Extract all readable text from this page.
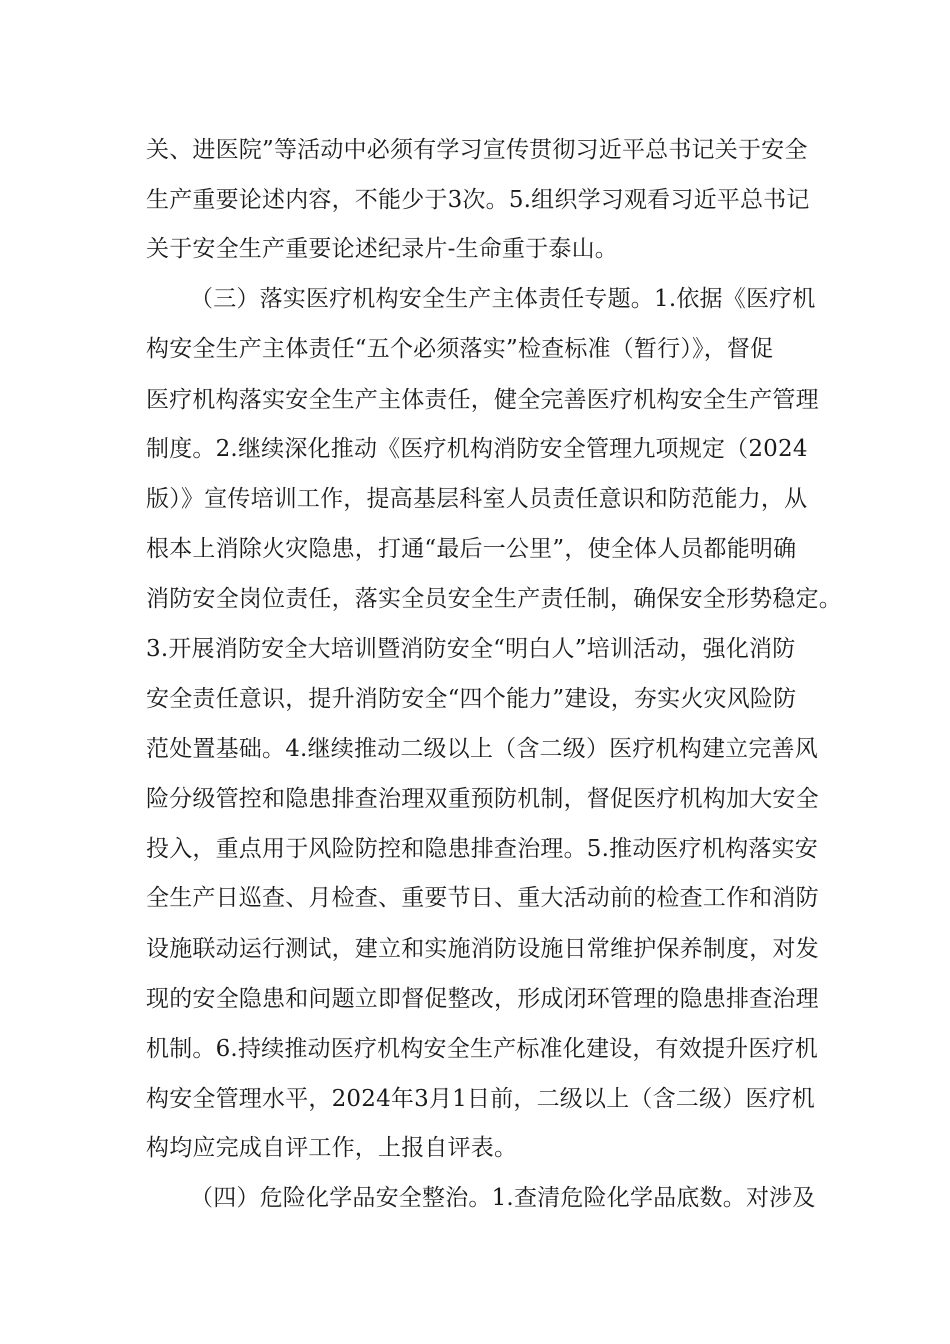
关、进医院”等活动中必须有学习宣传贯彻习近平总书记关于安全
生产重要论述内容，不能少于3次。5.组织学习观看习近平总书记
关于安全生产重要论述纪录片-生命重于泰山。
（三）落实医疗机构安全生产主体责任专题。1.依据《医疗机
构安全生产主体责任“五个必须落实”检查标准（暂行）》，督促
医疗机构落实安全生产主体责任，健全完善医疗机构安全生产管理
制度。2.继续深化推动《医疗机构消防安全管理九项规定（2024
版）》宣传培训工作，提高基层科室人员责任意识和防范能力，从
根本上消除火灾隐患，打通“最后一公里”，使全体人员都能明确
消防安全岗位责任，落实全员安全生产责任制，确保安全形势稳定。
3.开展消防安全大培训暨消防安全“明白人”培训活动，强化消防
安全责任意识，提升消防安全“四个能力”建设，夯实火灾风险防
范处置基础。4.继续推动二级以上（含二级）医疗机构建立完善风
险分级管控和隐患排查治理双重预防机制，督促医疗机构加大安全
投入，重点用于风险防控和隐患排查治理。5.推动医疗机构落实安
全生产日巡查、月检查、重要节日、重大活动前的检查工作和消防
设施联动运行测试，建立和实施消防设施日常维护保养制度，对发
现的安全隐患和问题立即督促整改，形成闭环管理的隐患排查治理
机制。6.持续推动医疗机构安全生产标准化建设，有效提升医疗机
构安全管理水平，2024年3月1日前，二级以上（含二级）医疗机
构均应完成自评工作，上报自评表。
（四）危险化学品安全整治。1.查清危险化学品底数。对涉及
